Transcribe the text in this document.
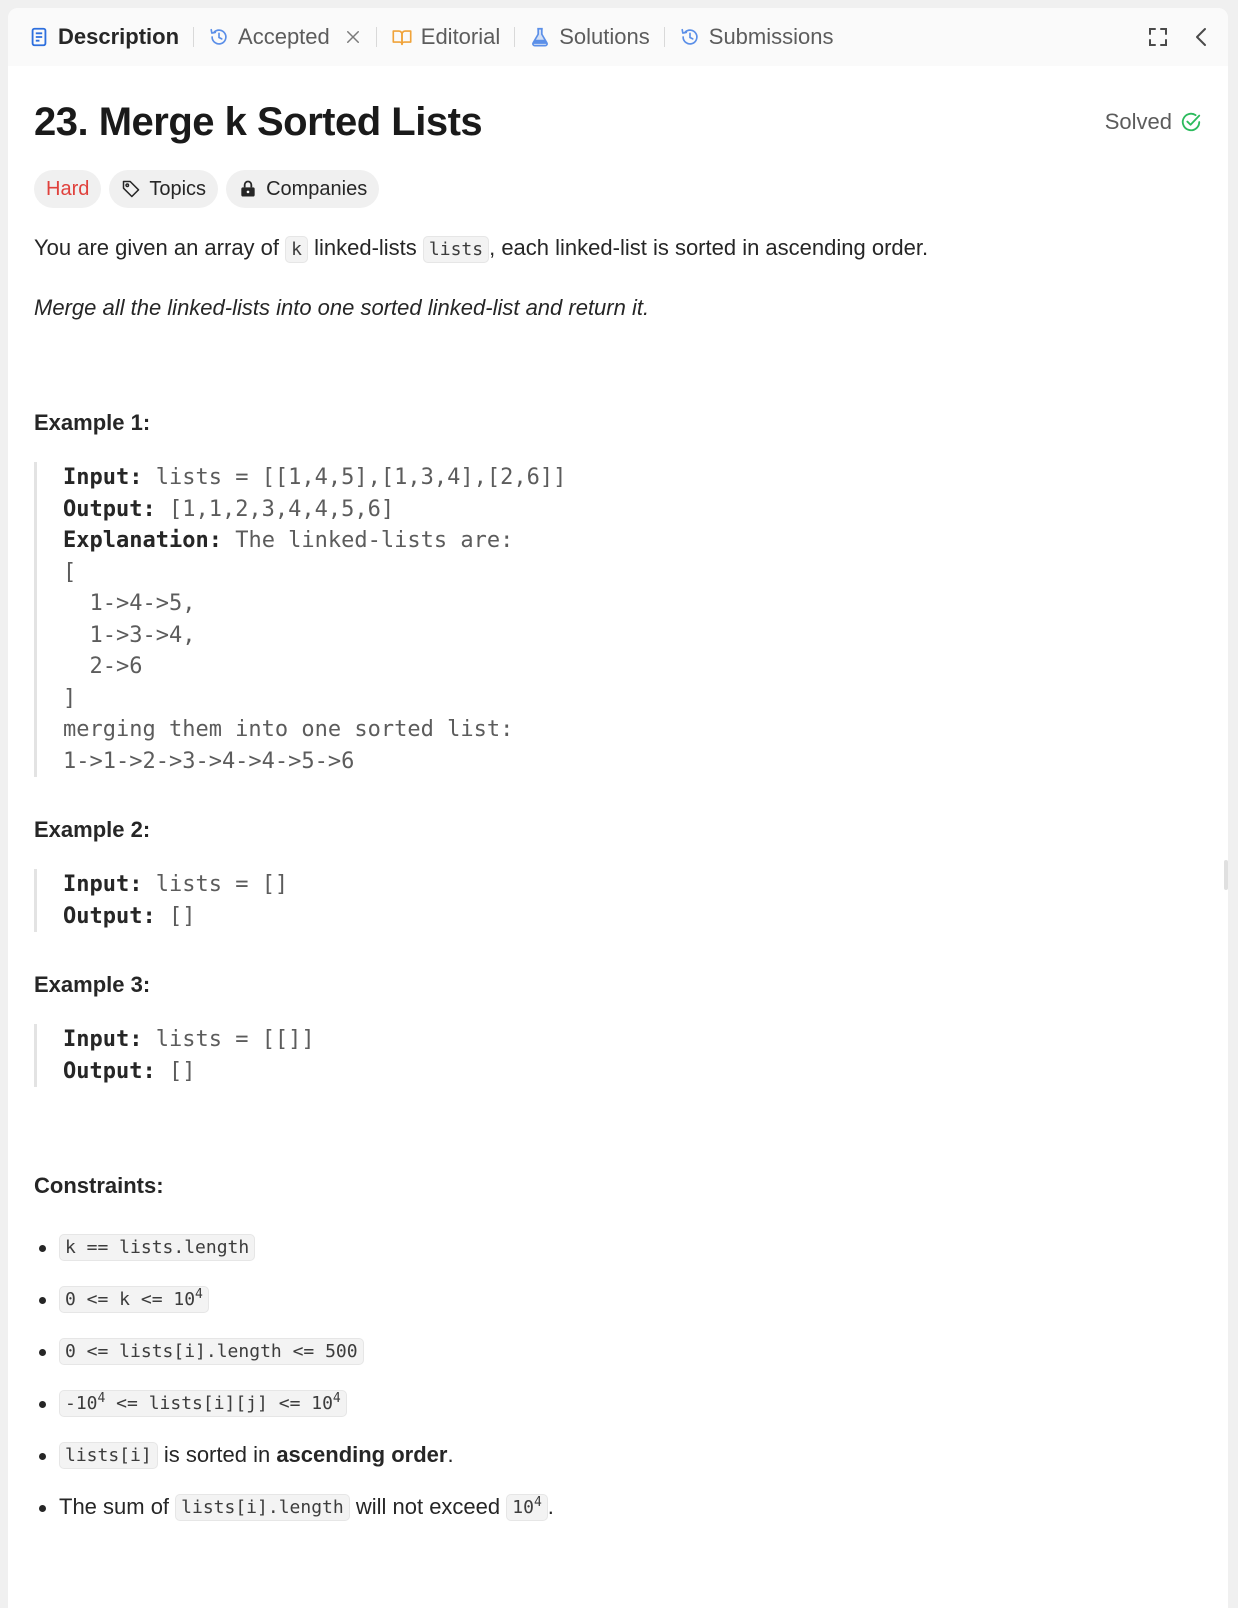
Description	Accepted	Editorial	Solutions	Submissions
23. Merge k Sorted Lists	Solved
Hard	Topics	Companies

You are given an array of k linked-lists lists , each linked-list is sorted in ascending order.

Merge all the linked-lists into one sorted linked-list and return it.

Example 1:
Input: lists = [[1,4,5],[1,3,4],[2,6]]
Output: [1,1,2,3,4,4,5,6]
Explanation: The linked-lists are:
[
1->4->5,
1->3->4,
2->6
]
merging them into one sorted list:
1->1->2->3->4->4->5->6
Example 2:
Input: lists = []
Output: []
Example 3:
Input: lists = [[]]
Output: []
Constraints:
k == lists.length
$0 <= k <= 10^4$
0 <= lists[i].length <= 500
$-10^4$ <= lists[i][j] <= $10^4$
lists[i] is sorted in ascending order .
The sum of lists[i].length will not exceed $10^4$ .
